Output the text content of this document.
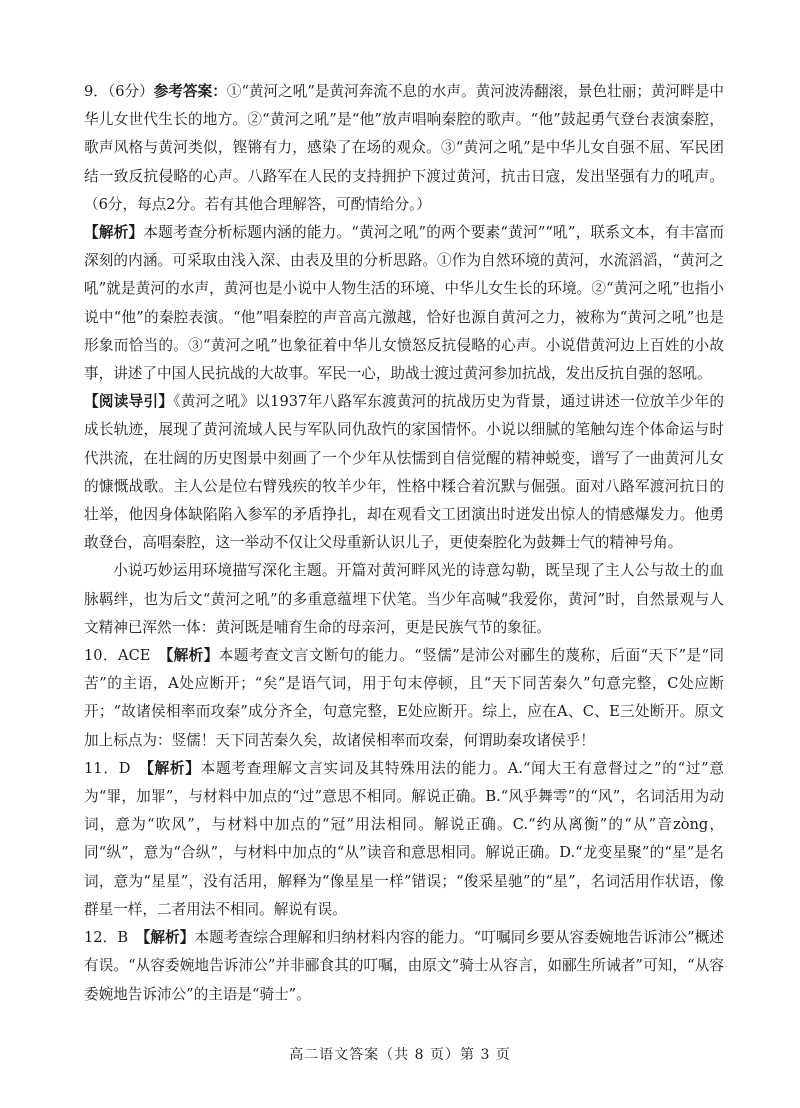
9．（6分）参考答案：①“黄河之吼”是黄河奔流不息的水声。黄河波涛翻滚，景色壮丽；黄河畔是中华儿女世代生长的地方。②“黄河之吼”是“他”放声唱响秦腔的歌声。“他”鼓起勇气登台表演秦腔，歌声风格与黄河类似，铿锵有力，感染了在场的观众。③“黄河之吼”是中华儿女自强不屈、军民团结一致反抗侵略的心声。八路军在人民的支持拥护下渡过黄河，抗击日寇，发出坚强有力的吼声。（6分，每点2分。若有其他合理解答，可酌情给分。）

【解析】本题考查分析标题内涵的能力。“黄河之吼”的两个要素“黄河”“吼”，联系文本，有丰富而深刻的内涵。可采取由浅入深、由表及里的分析思路。①作为自然环境的黄河，水流滔滔，“黄河之吼”就是黄河的水声，黄河也是小说中人物生活的环境、中华儿女生长的环境。②“黄河之吼”也指小说中“他”的秦腔表演。“他”唱秦腔的声音高亢激越，恰好也源自黄河之力，被称为“黄河之吼”也是形象而恰当的。③“黄河之吼”也象征着中华儿女愤怒反抗侵略的心声。小说借黄河边上百姓的小故事，讲述了中国人民抗战的大故事。军民一心，助战士渡过黄河参加抗战，发出反抗自强的怒吼。

【阅读导引】《黄河之吼》以1937年八路军东渡黄河的抗战历史为背景，通过讲述一位放羊少年的成长轨迹，展现了黄河流域人民与军队同仇敌忾的家国情怀。小说以细腻的笔触勾连个体命运与时代洪流，在壮阔的历史图景中刻画了一个少年从怯懦到自信觉醒的精神蜕变，谱写了一曲黄河儿女的慷慨战歌。主人公是位右臂残疾的牧羊少年，性格中糅合着沉默与倔强。面对八路军渡河抗日的壮举，他因身体缺陷陷入参军的矛盾挣扎，却在观看文工团演出时迸发出惊人的情感爆发力。他勇敢登台，高唱秦腔，这一举动不仅让父母重新认识儿子，更使秦腔化为鼓舞士气的精神号角。

小说巧妙运用环境描写深化主题。开篇对黄河畔风光的诗意勾勒，既呈现了主人公与故土的血脉羁绊，也为后文“黄河之吼”的多重意蕴埋下伏笔。当少年高喊“我爱你，黄河”时，自然景观与人文精神已浑然一体：黄河既是哺育生命的母亲河，更是民族气节的象征。

10．ACE　【解析】本题考查文言文断句的能力。“竖儒”是沛公对郦生的蔑称，后面“天下”是“同苦”的主语，A处应断开；“矣”是语气词，用于句末停顿，且“天下同苦秦久”句意完整，C处应断开；“故诸侯相率而攻秦”成分齐全，句意完整，E处应断开。综上，应在A、C、E三处断开。原文加上标点为：竖儒！天下同苦秦久矣，故诸侯相率而攻秦，何谓助秦攻诸侯乎！

11．D　【解析】本题考查理解文言实词及其特殊用法的能力。A.“闻大王有意督过之”的“过”意为“罪，加罪”，与材料中加点的“过”意思不相同。解说正确。B.“风乎舞雩”的“风”，名词活用为动词，意为“吹风”，与材料中加点的“冠”用法相同。解说正确。C.“约从离衡”的“从”音zòng，同“纵”，意为“合纵”，与材料中加点的“从”读音和意思相同。解说正确。D.“龙变星聚”的“星”是名词，意为“星星”，没有活用，解释为“像星星一样”错误；“俊采星驰”的“星”，名词活用作状语，像群星一样，二者用法不相同。解说有误。

12．B　【解析】本题考查综合理解和归纳材料内容的能力。“叮嘱同乡要从容委婉地告诉沛公”概述有误。“从容委婉地告诉沛公”并非郦食其的叮嘱，由原文“骑士从容言，如郦生所诫者”可知，“从容委婉地告诉沛公”的主语是“骑士”。

高二语文答案（共 8 页）第 3 页
